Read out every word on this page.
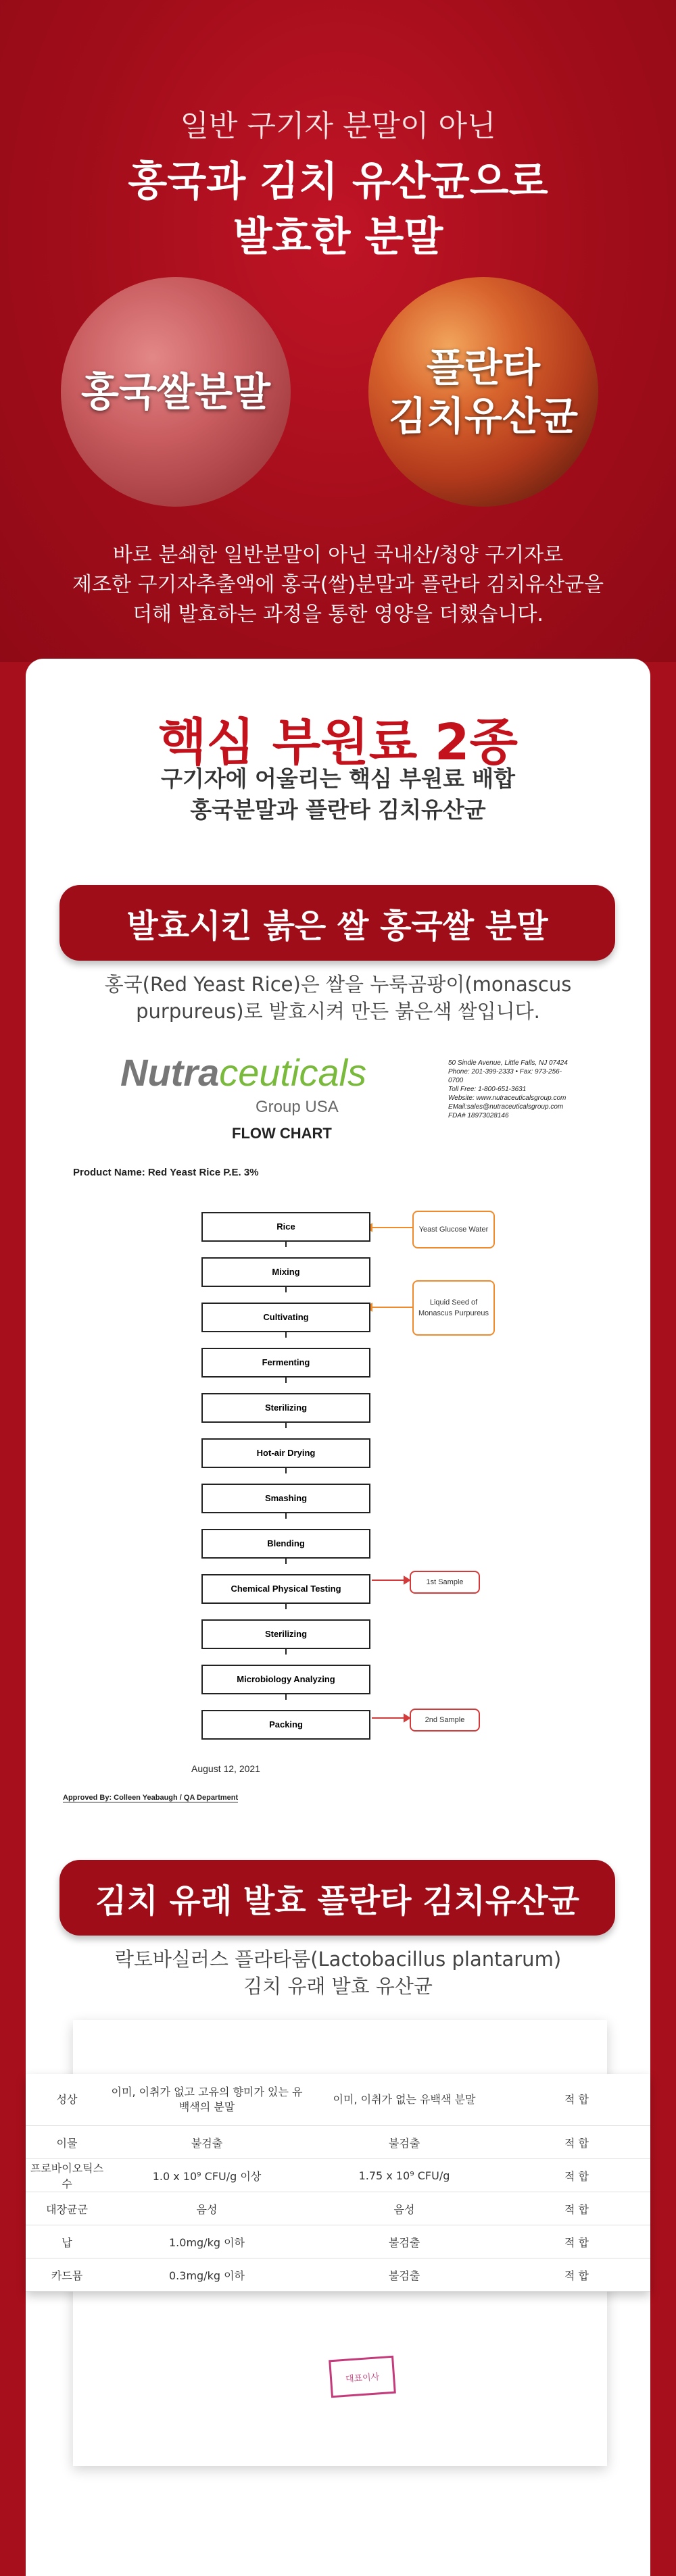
일반 구기자 분말이 아닌
홍국과 김치 유산균으로
발효한 분말
홍국쌀분말
플란타
김치유산균
바로 분쇄한 일반분말이 아닌 국내산/청양 구기자로
제조한 구기자추출액에 홍국(쌀)분말과 플란타 김치유산균을
더해 발효하는 과정을 통한 영양을 더했습니다.
핵심 부원료 2종
구기자에 어울리는 핵심 부원료 배합
홍국분말과 플란타 김치유산균
발효시킨 붉은 쌀 홍국쌀 분말
홍국(Red Yeast Rice)은 쌀을 누룩곰팡이(monascus
purpureus)로 발효시켜 만든 붉은색 쌀입니다.
Nutraceuticals
Group USA
50 Sindle Avenue, Little Falls, NJ 07424
Phone: 201-399-2333 • Fax: 973-256-0700
Toll Free: 1-800-651-3631
Website: www.nutraceuticalsgroup.com
EMail:sales@nutraceuticalsgroup.com
FDA# 18973028146
FLOW CHART
Product Name: Red Yeast Rice P.E. 3%
Rice
Mixing
Cultivating
Fermenting
Sterilizing
Hot-air Drying
Smashing
Blending
Chemical Physical Testing
Sterilizing
Microbiology Analyzing
Packing
Yeast Glucose Water
Liquid Seed of Monascus Purpureus
1st Sample
2nd Sample
August 12, 2021
Approved By: Colleen Yeabaugh / QA Department
김치 유래 발효 플란타 김치유산균
락토바실러스 플라타룸(Lactobacillus plantarum)
김치 유래 발효 유산균
성상	이미, 이취가 없고 고유의 향미가 있는 유백색의 분말	이미, 이취가 없는 유백색 분말	적 합
이물	불검출	불검출	적 합
프로바이오틱스 수	1.0 x 10⁹ CFU/g 이상	1.75 x 10⁹ CFU/g	적 합
대장균군	음성	음성	적 합
납	1.0mg/kg 이하	불검출	적 합
카드뮴	0.3mg/kg 이하	불검출	적 합
대표이사
